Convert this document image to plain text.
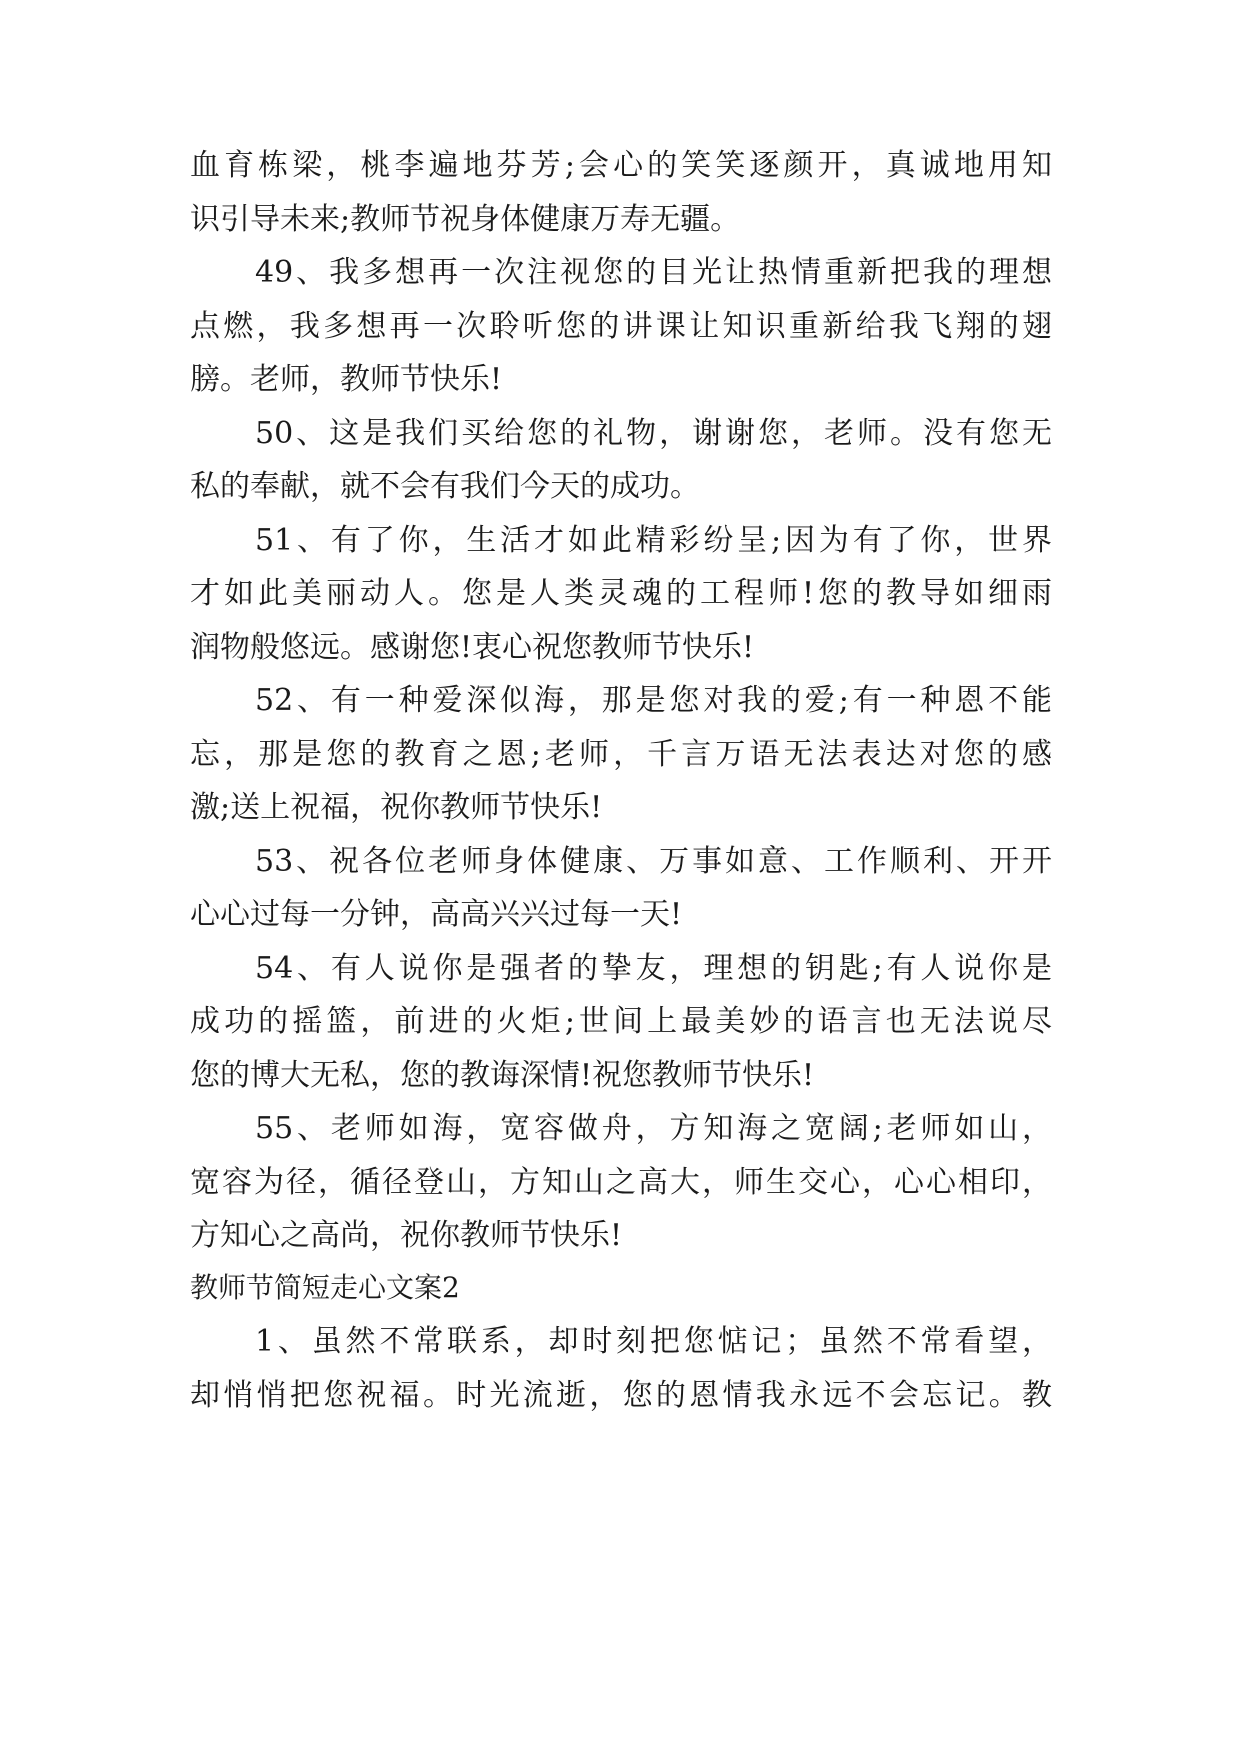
血育栋梁，桃李遍地芬芳;会心的笑笑逐颜开，真诚地用知
识引导未来;教师节祝身体健康万寿无疆。
49、我多想再一次注视您的目光让热情重新把我的理想
点燃，我多想再一次聆听您的讲课让知识重新给我飞翔的翅
膀。老师，教师节快乐!
50、这是我们买给您的礼物，谢谢您，老师。没有您无
私的奉献，就不会有我们今天的成功。
51、有了你，生活才如此精彩纷呈;因为有了你，世界
才如此美丽动人。您是人类灵魂的工程师!您的教导如细雨
润物般悠远。感谢您!衷心祝您教师节快乐!
52、有一种爱深似海，那是您对我的爱;有一种恩不能
忘，那是您的教育之恩;老师，千言万语无法表达对您的感
激;送上祝福，祝你教师节快乐!
53、祝各位老师身体健康、万事如意、工作顺利、开开
心心过每一分钟，高高兴兴过每一天!
54、有人说你是强者的挚友，理想的钥匙;有人说你是
成功的摇篮，前进的火炬;世间上最美妙的语言也无法说尽
您的博大无私，您的教诲深情!祝您教师节快乐!
55、老师如海，宽容做舟，方知海之宽阔;老师如山，
宽容为径，循径登山，方知山之高大，师生交心，心心相印，
方知心之高尚，祝你教师节快乐!
教师节简短走心文案2
1、虽然不常联系，却时刻把您惦记；虽然不常看望，
却悄悄把您祝福。时光流逝，您的恩情我永远不会忘记。教
